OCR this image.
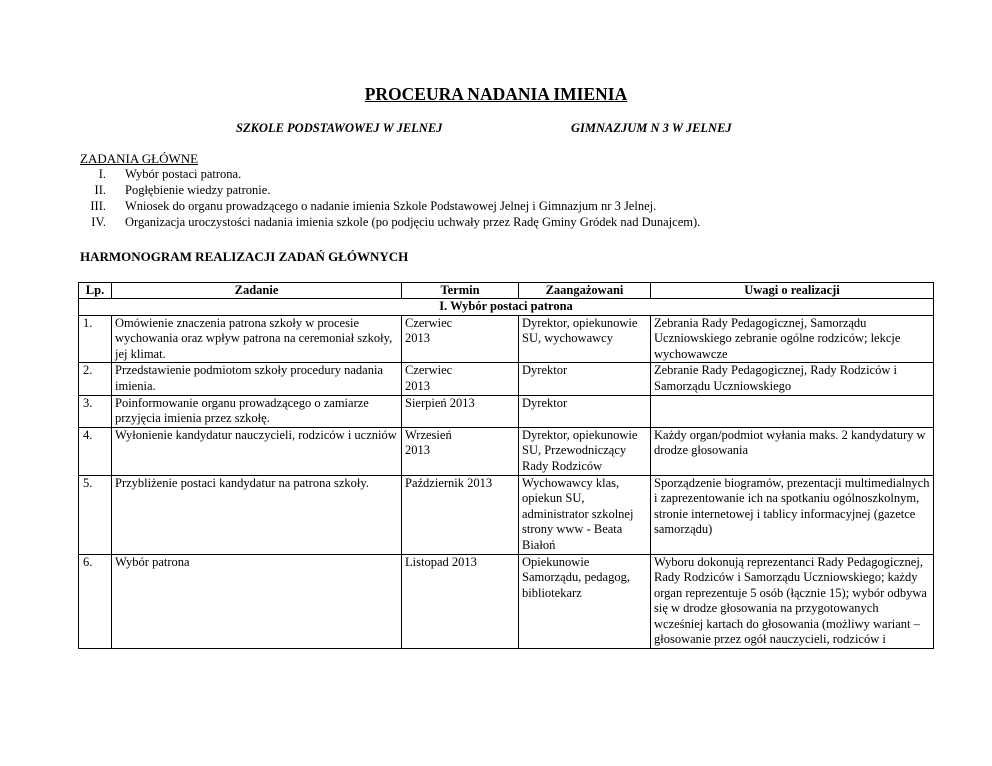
PROCEURA NADANIA IMIENIA
SZKOLE PODSTAWOWEJ W JELNEJ	GIMNAZJUM N 3 W JELNEJ
ZADANIA GŁÓWNE
I.	Wybór postaci patrona.
II.	Pogłębienie wiedzy patronie.
III.	Wniosek do organu prowadzącego o nadanie imienia Szkole Podstawowej Jelnej i Gimnazjum nr 3 Jelnej.
IV.	Organizacja uroczystości nadania imienia szkole (po podjęciu uchwały przez Radę Gminy Gródek nad Dunajcem).
HARMONOGRAM REALIZACJI ZADAŃ GŁÓWNYCH
Lp.	Zadanie	Termin	Zaangażowani	Uwagi o realizacji
I. Wybór postaci patrona				
1.	Omówienie znaczenia patrona szkoły w procesie wychowania oraz wpływ patrona na ceremoniał szkoły, jej klimat.	Czerwiec 2013	Dyrektor, opiekunowie SU, wychowawcy	Zebrania Rady Pedagogicznej, Samorządu Uczniowskiego zebranie ogólne rodziców; lekcje wychowawcze
2.	Przedstawienie podmiotom szkoły procedury nadania imienia.	Czerwiec 2013	Dyrektor	Zebranie Rady Pedagogicznej, Rady Rodziców i Samorządu Uczniowskiego
3.	Poinformowanie organu prowadzącego o zamiarze przyjęcia imienia przez szkołę.	Sierpień 2013	Dyrektor	
4.	Wyłonienie kandydatur nauczycieli, rodziców i uczniów	Wrzesień 2013	Dyrektor, opiekunowie SU, Przewodniczący Rady Rodziców	Każdy organ/podmiot wyłania maks. 2 kandydatury w drodze głosowania
5.	Przybliżenie postaci kandydatur na patrona szkoły.	Październik 2013	Wychowawcy klas, opiekun SU, administrator szkolnej strony www - Beata Białoń	Sporządzenie biogramów, prezentacji multimedialnych i zaprezentowanie ich na spotkaniu ogólnoszkolnym, stronie internetowej i tablicy informacyjnej (gazetce samorządu)
6.	Wybór patrona	Listopad 2013	Opiekunowie Samorządu, pedagog, bibliotekarz	Wyboru dokonują reprezentanci Rady Pedagogicznej, Rady Rodziców i Samorządu Uczniowskiego; każdy organ reprezentuje 5 osób (łącznie 15); wybór odbywa się w drodze głosowania na przygotowanych wcześniej kartach do głosowania (możliwy wariant – głosowanie przez ogół nauczycieli, rodziców i
